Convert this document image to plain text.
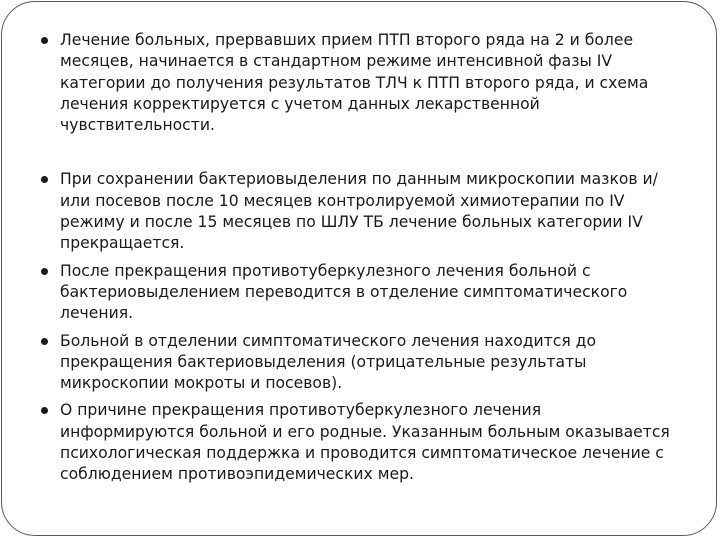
Лечение больных, прервавших прием ПТП второго ряда на 2 и более месяцев, начинается в стандартном режиме интенсивной фазы IV категории до получения результатов ТЛЧ к ПТП второго ряда, и схема лечения корректируется с учетом данных лекарственной чувствительности.
При сохранении бактериовыделения по данным микроскопии мазков и/или посевов после 10 месяцев контролируемой химиотерапии по IV режиму и после 15 месяцев по ШЛУ ТБ лечение больных категории IV прекращается.
После прекращения противотуберкулезного лечения больной с бактериовыделением переводится в отделение симптоматического лечения.
Больной в отделении симптоматического лечения находится до прекращения бактериовыделения (отрицательные результаты микроскопии мокроты и посевов).
О причине прекращения противотуберкулезного лечения информируются больной и его родные. Указанным больным оказывается психологическая поддержка и проводится симптоматическое лечение с соблюдением противоэпидемических мер.
